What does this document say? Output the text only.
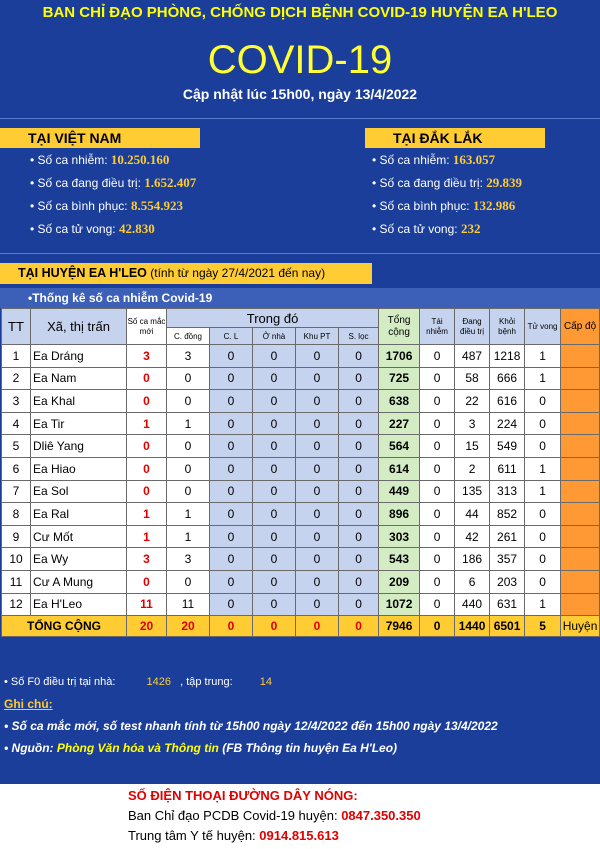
BAN CHỈ ĐẠO PHÒNG, CHỐNG DỊCH BỆNH COVID-19 HUYỆN EA H'LEO
COVID-19
Cập nhật lúc 15h00, ngày 13/4/2022
TẠI VIỆT NAM	TẠI ĐẮK LẮK
• Số ca nhiễm: 10.250.160
• Số ca đang điều trị: 1.652.407
• Số ca bình phục: 8.554.923
• Số ca tử vong: 42.830
• Số ca nhiễm: 163.057
• Số ca đang điều trị: 29.839
• Số ca bình phục: 132.986
• Số ca tử vong: 232
TẠI HUYỆN EA H'LEO (tính từ ngày 27/4/2021 đến nay)
•Thống kê số ca nhiễm Covid-19
TT	Xã, thị trấn	Số ca mắc mới	Trong đó					Tổng cộng	Tái nhiễm	Đang điều trị	Khỏi bệnh	Tử vong	Cấp độ
			C. đồng	C. L	Ở nhà	Khu PT	S. lọc						
1	Ea Dráng	3	3	0	0	0	0	1706	0	487	1218	1	
2	Ea Nam	0	0	0	0	0	0	725	0	58	666	1	
3	Ea Khal	0	0	0	0	0	0	638	0	22	616	0	
4	Ea Tir	1	1	0	0	0	0	227	0	3	224	0	
5	Dliê Yang	0	0	0	0	0	0	564	0	15	549	0	
6	Ea Hiao	0	0	0	0	0	0	614	0	2	611	1	
7	Ea Sol	0	0	0	0	0	0	449	0	135	313	1	
8	Ea Ral	1	1	0	0	0	0	896	0	44	852	0	
9	Cư Mốt	1	1	0	0	0	0	303	0	42	261	0	
10	Ea Wy	3	3	0	0	0	0	543	0	186	357	0	
11	Cư A Mung	0	0	0	0	0	0	209	0	6	203	0	
12	Ea H'Leo	11	11	0	0	0	0	1072	0	440	631	1	
TỔNG CỘNG		20	20	0	0	0	0	7946	0	1440	6501	5	Huyện
• Số F0 điều trị tại nhà:	1426 , tập trung: 14
Ghi chú:
• Số ca mắc mới, số test nhanh tính từ 15h00 ngày 12/4/2022 đến 15h00 ngày 13/4/2022
• Nguồn: Phòng Văn hóa và Thông tin (FB Thông tin huyện Ea H'Leo)
SỐ ĐIỆN THOẠI ĐƯỜNG DÂY NÓNG:
Ban Chỉ đạo PCDB Covid-19 huyện: 0847.350.350
Trung tâm Y tế huyện: 0914.815.613
